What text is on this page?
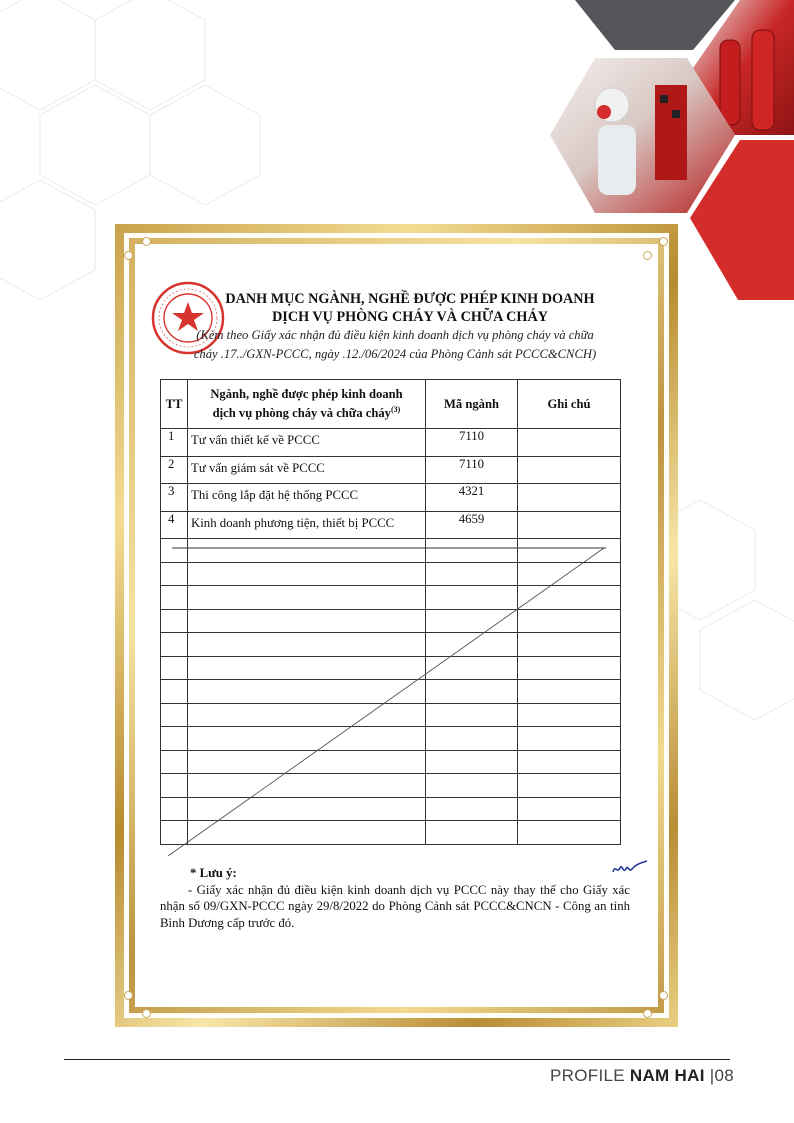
DANH MỤC NGÀNH, NGHỀ ĐƯỢC PHÉP KINH DOANH
DỊCH VỤ PHÒNG CHÁY VÀ CHỮA CHÁY
(Kèm theo Giấy xác nhận đủ điều kiện kinh doanh dịch vụ phòng cháy và chữa
cháy .17../GXN-PCCC, ngày .12./06/2024 của Phòng Cảnh sát PCCC&CNCH)
TT	Ngành, nghề được phép kinh doanh
dịch vụ phòng cháy và chữa cháy$^{(3)}$	Mã ngành	Ghi chú
1	Tư vấn thiết kế về PCCC	7110	
2	Tư vấn giám sát về PCCC	7110	
3	Thi công lắp đặt hệ thống PCCC	4321	
4	Kinh doanh phương tiện, thiết bị PCCC	4659	

* Lưu ý:
- Giấy xác nhận đủ điều kiện kinh doanh dịch vụ PCCC này thay thế cho Giấy xác nhận số 09/GXN-PCCC ngày 29/8/2022 do Phòng Cảnh sát PCCC&CNCN - Công an tỉnh Bình Dương cấp trước đó.
PROFILE NAM HAI |08
